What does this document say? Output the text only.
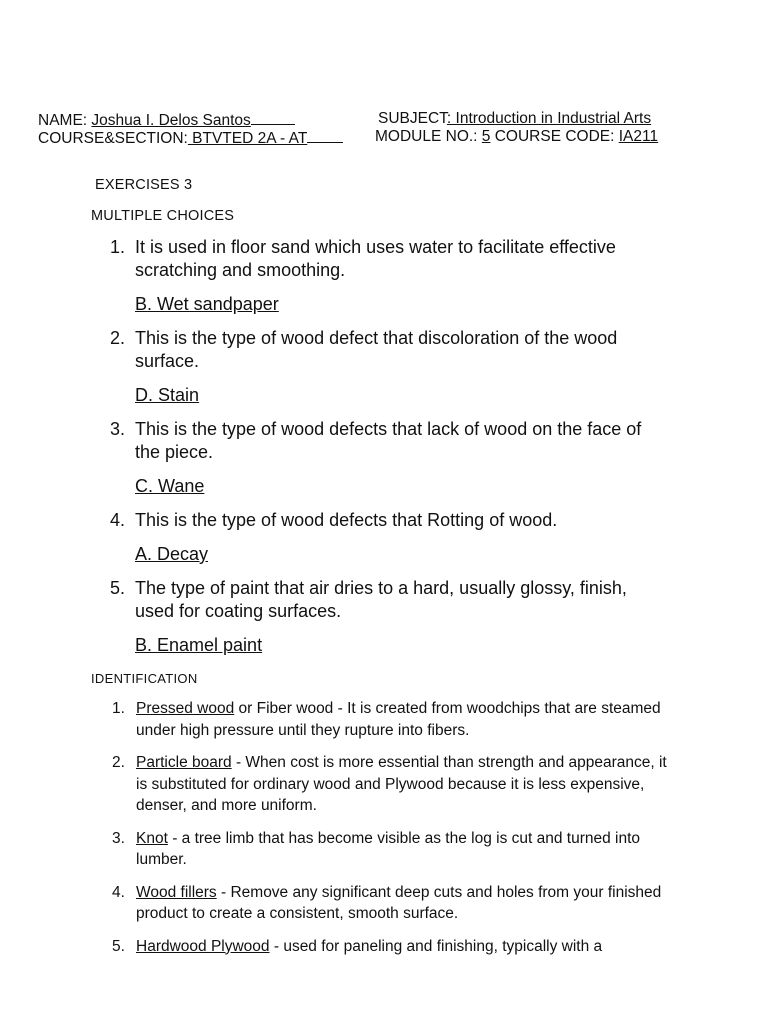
NAME: Joshua I. Delos Santos	SUBJECT: Introduction in Industrial Arts
COURSE&SECTION: BTVTED 2A - AT	MODULE NO.: 5 COURSE CODE: IA211
EXERCISES 3
MULTIPLE CHOICES
1. It is used in floor sand which uses water to facilitate effective scratching and smoothing.
B. Wet sandpaper
2. This is the type of wood defect that discoloration of the wood surface.
D. Stain
3. This is the type of wood defects that lack of wood on the face of the piece.
C. Wane
4. This is the type of wood defects that Rotting of wood.
A. Decay
5. The type of paint that air dries to a hard, usually glossy, finish, used for coating surfaces.
B. Enamel paint
IDENTIFICATION
1. Pressed wood or Fiber wood - It is created from woodchips that are steamed under high pressure until they rupture into fibers.
2. Particle board - When cost is more essential than strength and appearance, it is substituted for ordinary wood and Plywood because it is less expensive, denser, and more uniform.
3. Knot - a tree limb that has become visible as the log is cut and turned into lumber.
4. Wood fillers - Remove any significant deep cuts and holes from your finished product to create a consistent, smooth surface.
5. Hardwood Plywood - used for paneling and finishing, typically with a
